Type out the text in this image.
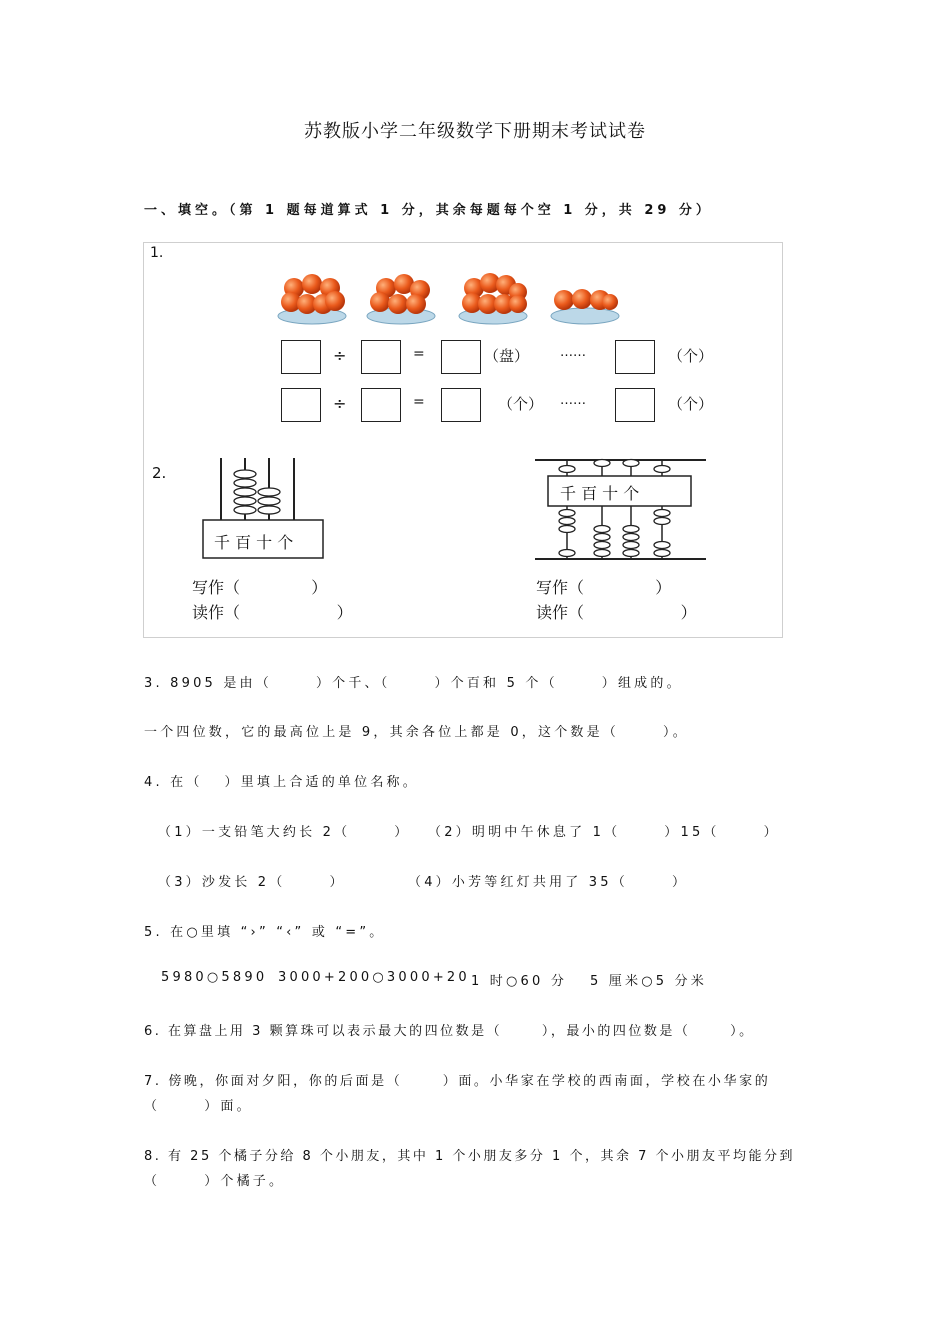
苏教版小学二年级数学下册期末考试试卷
一、填空。（第 1 题每道算式 1 分，其余每题每个空 1 分，共 29 分）
1.
÷	=	（盘） ……	（个）
÷	=	（个） ……	（个）
2.
千 百 十 个
千 百 十 个
写作（              ）
读作（                   ）
写作（              ）
读作（                   ）
3. 8905 是由（      ）个千、（      ）个百和 5 个（      ）组成的。
一个四位数，它的最高位上是 9，其余各位上都是 0，这个数是（      ）。
4. 在（   ）里填上合适的单位名称。
（1）一支铅笔大约长 2（      ） （2）明明中午休息了 1（      ）15（      ）
（3）沙发长 2（      ）	（4）小芳等红灯共用了 35（      ）
5. 在○里填 “›” “‹” 或 “=”。
5980○5890 3000+200○3000+20 1 时○60 分 5 厘米○5 分米
6. 在算盘上用 3 颗算珠可以表示最大的四位数是（      ），最小的四位数是（      ）。
7. 傍晚，你面对夕阳，你的后面是（      ）面。小华家在学校的西南面，学校在小华家的
（      ）面。
8. 有 25 个橘子分给 8 个小朋友，其中 1 个小朋友多分 1 个，其余 7 个小朋友平均能分到
（      ）个橘子。
